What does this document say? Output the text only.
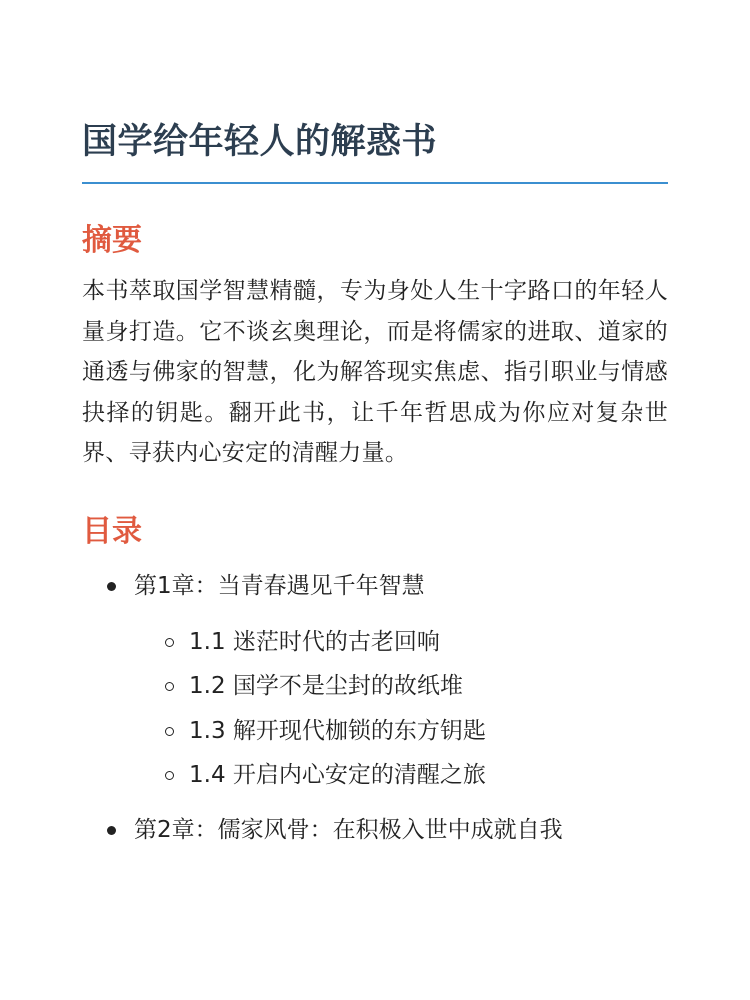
国学给年轻人的解惑书
摘要

本书萃取国学智慧精髓，专为身处人生十字路口的年轻人量身打造。它不谈玄奥理论，而是将儒家的进取、道家的通透与佛家的智慧，化为解答现实焦虑、指引职业与情感抉择的钥匙。翻开此书，让千年哲思成为你应对复杂世界、寻获内心安定的清醒力量。

目录
第1章：当青春遇见千年智慧
1.1 迷茫时代的古老回响
1.2 国学不是尘封的故纸堆
1.3 解开现代枷锁的东方钥匙
1.4 开启内心安定的清醒之旅
第2章：儒家风骨：在积极入世中成就自我
